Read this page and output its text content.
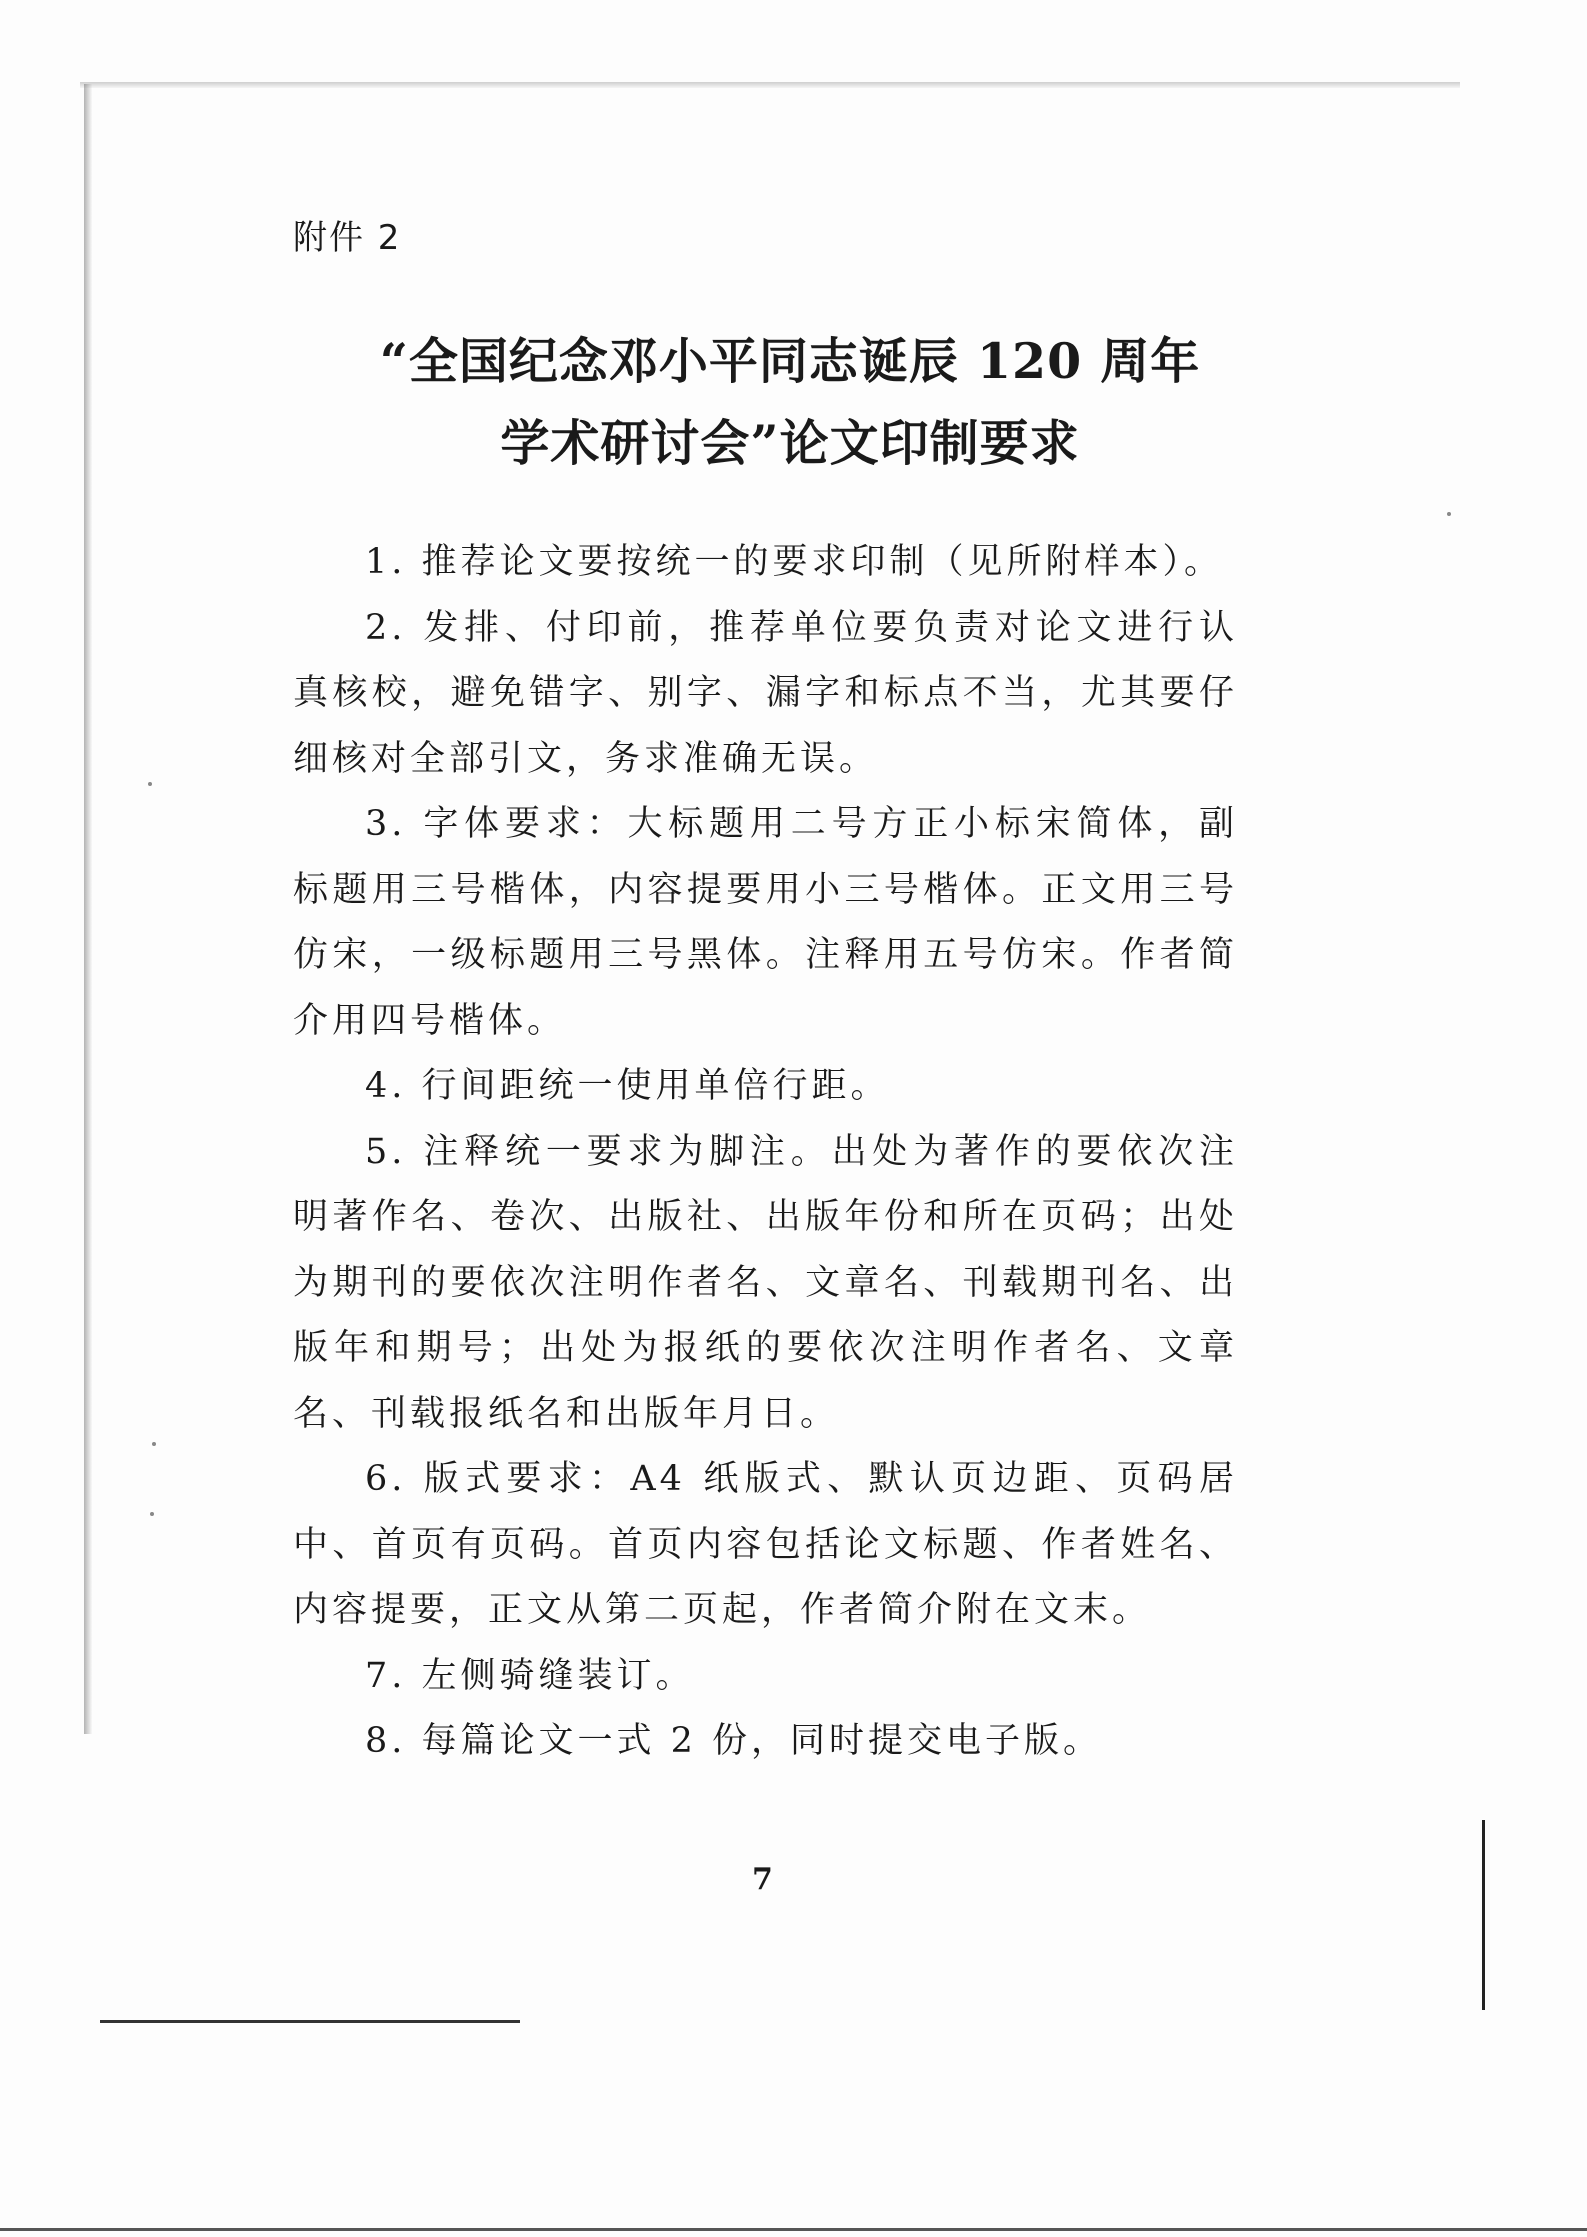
附件 2
“全国纪念邓小平同志诞辰 120 周年
学术研讨会”论文印制要求

1. 推荐论文要按统一的要求印制（见所附样本）。

2. 发排、付印前，推荐单位要负责对论文进行认真核校，避免错字、别字、漏字和标点不当，尤其要仔细核对全部引文，务求准确无误。

3. 字体要求：大标题用二号方正小标宋简体，副标题用三号楷体，内容提要用小三号楷体。正文用三号仿宋，一级标题用三号黑体。注释用五号仿宋。作者简介用四号楷体。

4. 行间距统一使用单倍行距。

5. 注释统一要求为脚注。出处为著作的要依次注明著作名、卷次、出版社、出版年份和所在页码；出处为期刊的要依次注明作者名、文章名、刊载期刊名、出版年和期号；出处为报纸的要依次注明作者名、文章名、刊载报纸名和出版年月日。

6. 版式要求：A4 纸版式、默认页边距、页码居中、首页有页码。首页内容包括论文标题、作者姓名、内容提要，正文从第二页起，作者简介附在文末。

7. 左侧骑缝装订。

8. 每篇论文一式 2 份，同时提交电子版。

7
